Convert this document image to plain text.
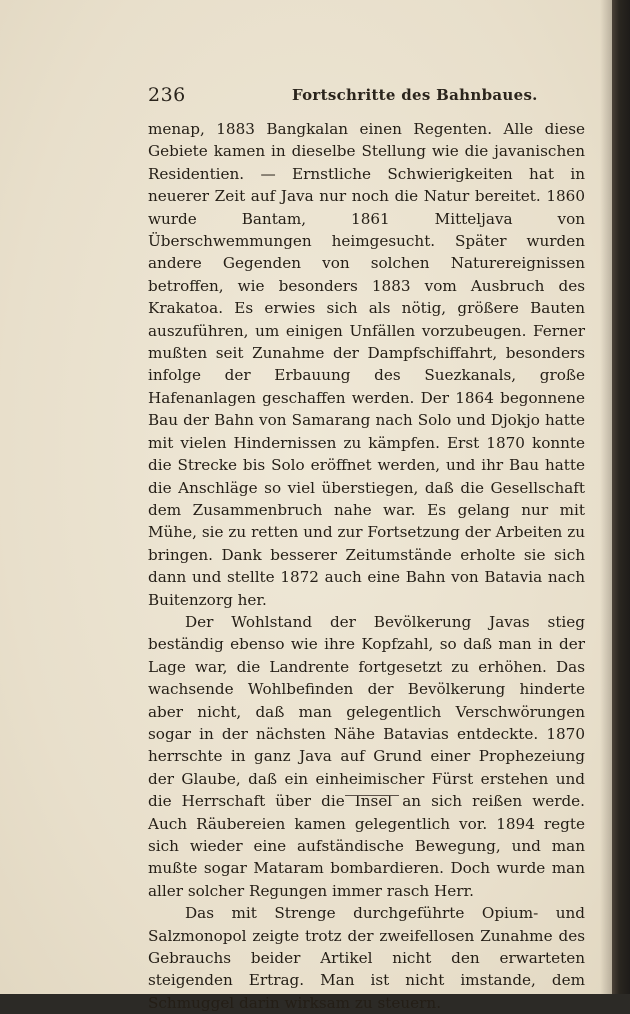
236	Fortschritte des Bahnbaues.

menap, 1883 Bangkalan einen Regenten. Alle diese Gebiete kamen in dieselbe Stellung wie die javanischen Residentien. — Ernstliche Schwierigkeiten hat in neuerer Zeit auf Java nur noch die Natur bereitet. 1860 wurde Bantam, 1861 Mitteljava von Überschwemmungen heimgesucht. Später wurden andere Gegenden von solchen Naturereignissen betroffen, wie besonders 1883 vom Ausbruch des Krakatoa. Es erwies sich als nötig, größere Bauten auszuführen, um einigen Unfällen vorzubeugen. Ferner mußten seit Zunahme der Dampfschiffahrt, besonders infolge der Erbauung des Suezkanals, große Hafenanlagen geschaffen werden. Der 1864 begonnene Bau der Bahn von Samarang nach Solo und Djokjo hatte mit vielen Hindernissen zu kämpfen. Erst 1870 konnte die Strecke bis Solo eröffnet werden, und ihr Bau hatte die Anschläge so viel überstiegen, daß die Gesellschaft dem Zusammenbruch nahe war. Es gelang nur mit Mühe, sie zu retten und zur Fortsetzung der Arbeiten zu bringen. Dank besserer Zeitumstände erholte sie sich dann und stellte 1872 auch eine Bahn von Batavia nach Buitenzorg her.

Der Wohlstand der Bevölkerung Javas stieg beständig ebenso wie ihre Kopfzahl, so daß man in der Lage war, die Landrente fortgesetzt zu erhöhen. Das wachsende Wohlbefinden der Bevölkerung hinderte aber nicht, daß man gelegentlich Verschwörungen sogar in der nächsten Nähe Batavias entdeckte. 1870 herrschte in ganz Java auf Grund einer Prophezeiung der Glaube, daß ein einheimischer Fürst erstehen und die Herrschaft über die Insel an sich reißen werde. Auch Räubereien kamen gelegentlich vor. 1894 regte sich wieder eine aufständische Bewegung, und man mußte sogar Mataram bombardieren. Doch wurde man aller solcher Regungen immer rasch Herr.

Das mit Strenge durchgeführte Opium- und Salzmonopol zeigte trotz der zweifellosen Zunahme des Gebrauchs beider Artikel nicht den erwarteten steigenden Ertrag. Man ist nicht imstande, dem Schmuggel darin wirksam zu steuern.
